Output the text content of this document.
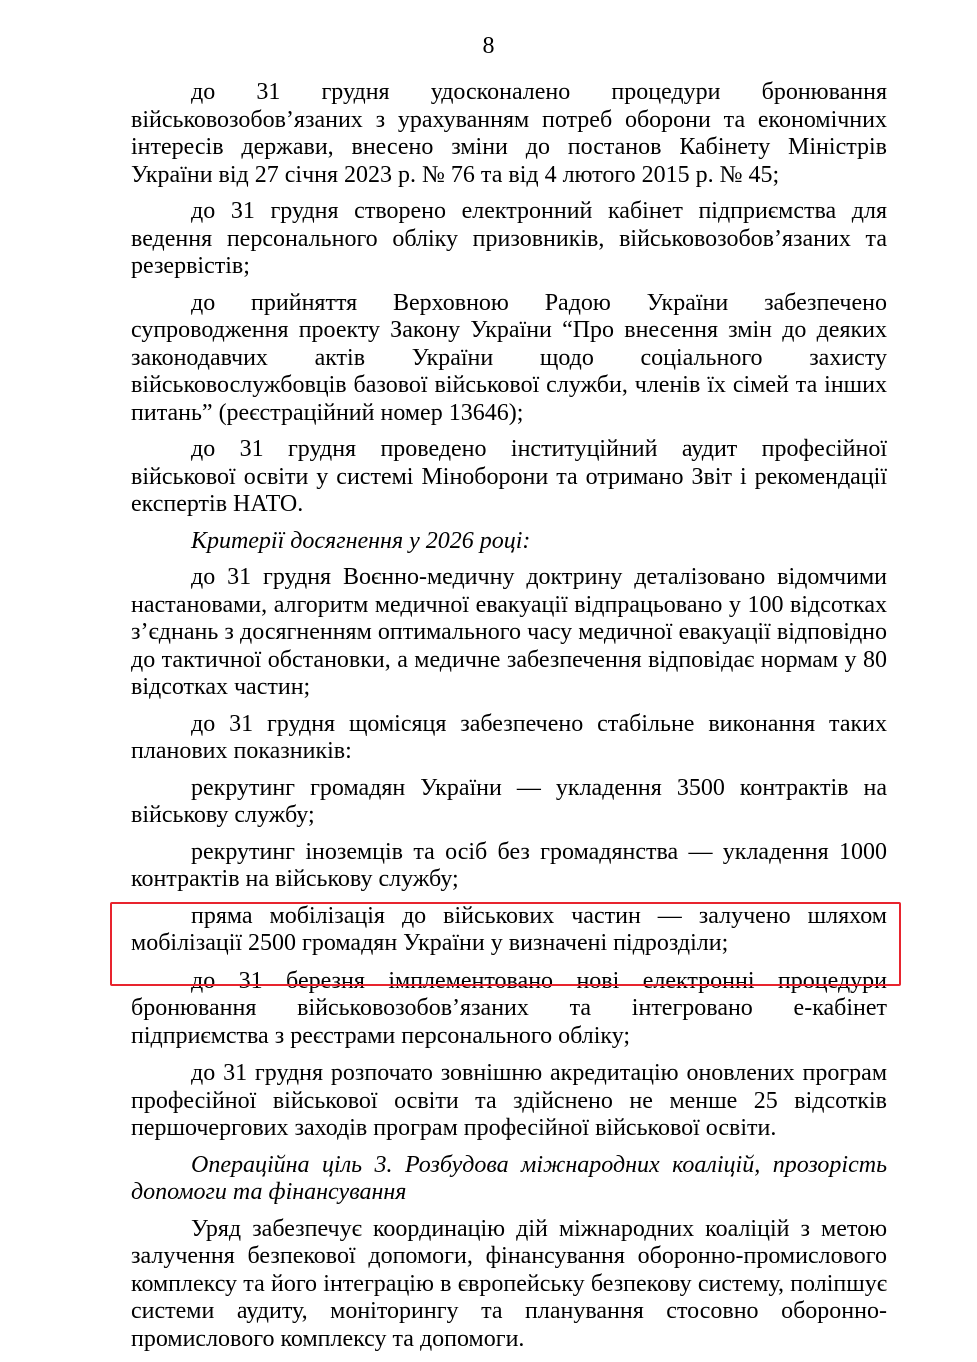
8

до 31 грудня удосконалено процедури бронювання військовозобов’язаних з урахуванням потреб оборони та економічних інтересів держави, внесено зміни до постанов Кабінету Міністрів України від 27 січня 2023 р. № 76 та від 4 лютого 2015 р. № 45;

до 31 грудня створено електронний кабінет підприємства для ведення персонального обліку призовників, військовозобов’язаних та резервістів;

до прийняття Верховною Радою України забезпечено супроводження проекту Закону України “Про внесення змін до деяких законодавчих актів України щодо соціального захисту військовослужбовців базової військової служби, членів їх сімей та інших питань” (реєстраційний номер 13646);

до 31 грудня проведено інституційний аудит професійної військової освіти у системі Міноборони та отримано Звіт і рекомендації експертів НАТО.

Критерії досягнення у 2026 році:

до 31 грудня Воєнно-медичну доктрину деталізовано відомчими настановами, алгоритм медичної евакуації відпрацьовано у 100 відсотках з’єднань з досягненням оптимального часу медичної евакуації відповідно до тактичної обстановки, а медичне забезпечення відповідає нормам у 80 відсотках частин;

до 31 грудня щомісяця забезпечено стабільне виконання таких планових показників:

рекрутинг громадян України — укладення 3500 контрактів на військову службу;

рекрутинг іноземців та осіб без громадянства — укладення 1000 контрактів на військову службу;

пряма мобілізація до військових частин — залучено шляхом мобілізації 2500 громадян України у визначені підрозділи;

до 31 березня імплементовано нові електронні процедури бронювання військовозобов’язаних та інтегровано е-кабінет підприємства з реєстрами персонального обліку;

до 31 грудня розпочато зовнішню акредитацію оновлених програм професійної військової освіти та здійснено не менше 25 відсотків першочергових заходів програм професійної військової освіти.

Операційна ціль 3. Розбудова міжнародних коаліцій, прозорість допомоги та фінансування

Уряд забезпечує координацію дій міжнародних коаліцій з метою залучення безпекової допомоги, фінансування оборонно-промислового комплексу та його інтеграцію в європейську безпекову систему, поліпшує системи аудиту, моніторингу та планування стосовно оборонно-промислового комплексу та допомоги.
